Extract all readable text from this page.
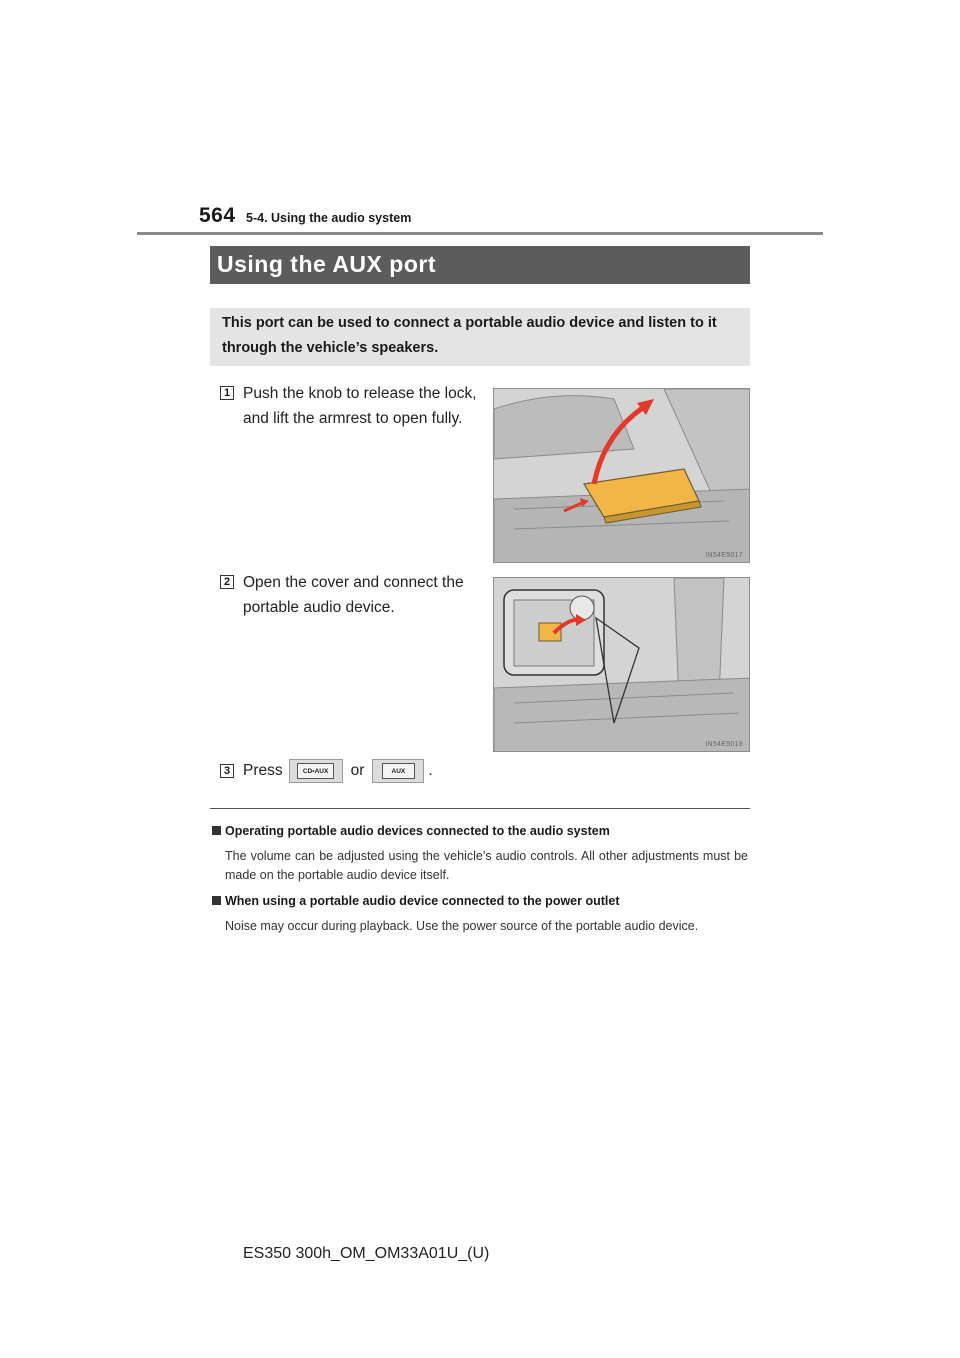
564 5-4. Using the audio system
Using the AUX port
This port can be used to connect a portable audio device and listen to it through the vehicle’s speakers.
1 Push the knob to release the lock, and lift the armrest to open fully.
IN54E5017
2 Open the cover and connect the portable audio device.
IN54E5018
3 Press	CD•AUX	or	AUX	.
Operating portable audio devices connected to the audio system
The volume can be adjusted using the vehicle’s audio controls. All other adjustments must be made on the portable audio device itself.
When using a portable audio device connected to the power outlet
Noise may occur during playback. Use the power source of the portable audio device.
ES350 300h_OM_OM33A01U_(U)
